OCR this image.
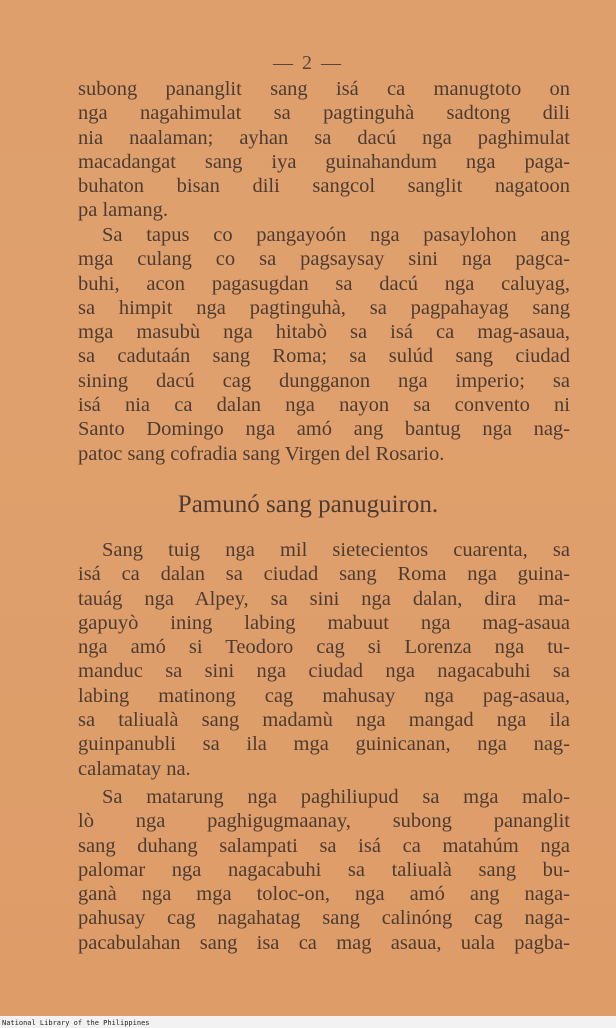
— 2 —
subong pananglit sang isá ca manugtoto on
nga nagahimulat sa pagtinguhà sadtong dili
nia naalaman; ayhan sa dacú nga paghimulat
macadangat sang iya guinahandum nga paga-
buhaton bisan dili sangcol sanglit nagatoon
pa lamang.
Sa tapus co pangayoón nga pasaylohon ang
mga culang co sa pagsaysay sini nga pagca-
buhi, acon pagasugdan sa dacú nga caluyag,
sa himpit nga pagtinguhà, sa pagpahayag sang
mga masubù nga hitabò sa isá ca mag-asaua,
sa cadutaán sang Roma; sa sulúd sang ciudad
sining dacú cag dungganon nga imperio; sa
isá nia ca dalan nga nayon sa convento ni
Santo Domingo nga amó ang bantug nga nag-
patoc sang cofradia sang Virgen del Rosario.
Pamunó sang panuguiron.
Sang tuig nga mil sietecientos cuarenta, sa
isá ca dalan sa ciudad sang Roma nga guina-
tauág nga Alpey, sa sini nga dalan, dira ma-
gapuyò ining labing mabuut nga mag-asaua
nga amó si Teodoro cag si Lorenza nga tu-
manduc sa sini nga ciudad nga nagacabuhi sa
labing matinong cag mahusay nga pag-asaua,
sa taliualà sang madamù nga mangad nga ila
guinpanubli sa ila mga guinicanan, nga nag-
calamatay na.
Sa matarung nga paghiliupud sa mga malo-
lò nga paghigugmaanay, subong pananglit
sang duhang salampati sa isá ca matahúm nga
palomar nga nagacabuhi sa taliualà sang bu-
ganà nga mga toloc-on, nga amó ang naga-
pahusay cag nagahatag sang calinóng cag naga-
pacabulahan sang isa ca mag asaua, uala pagba-
National Library of the Philippines
